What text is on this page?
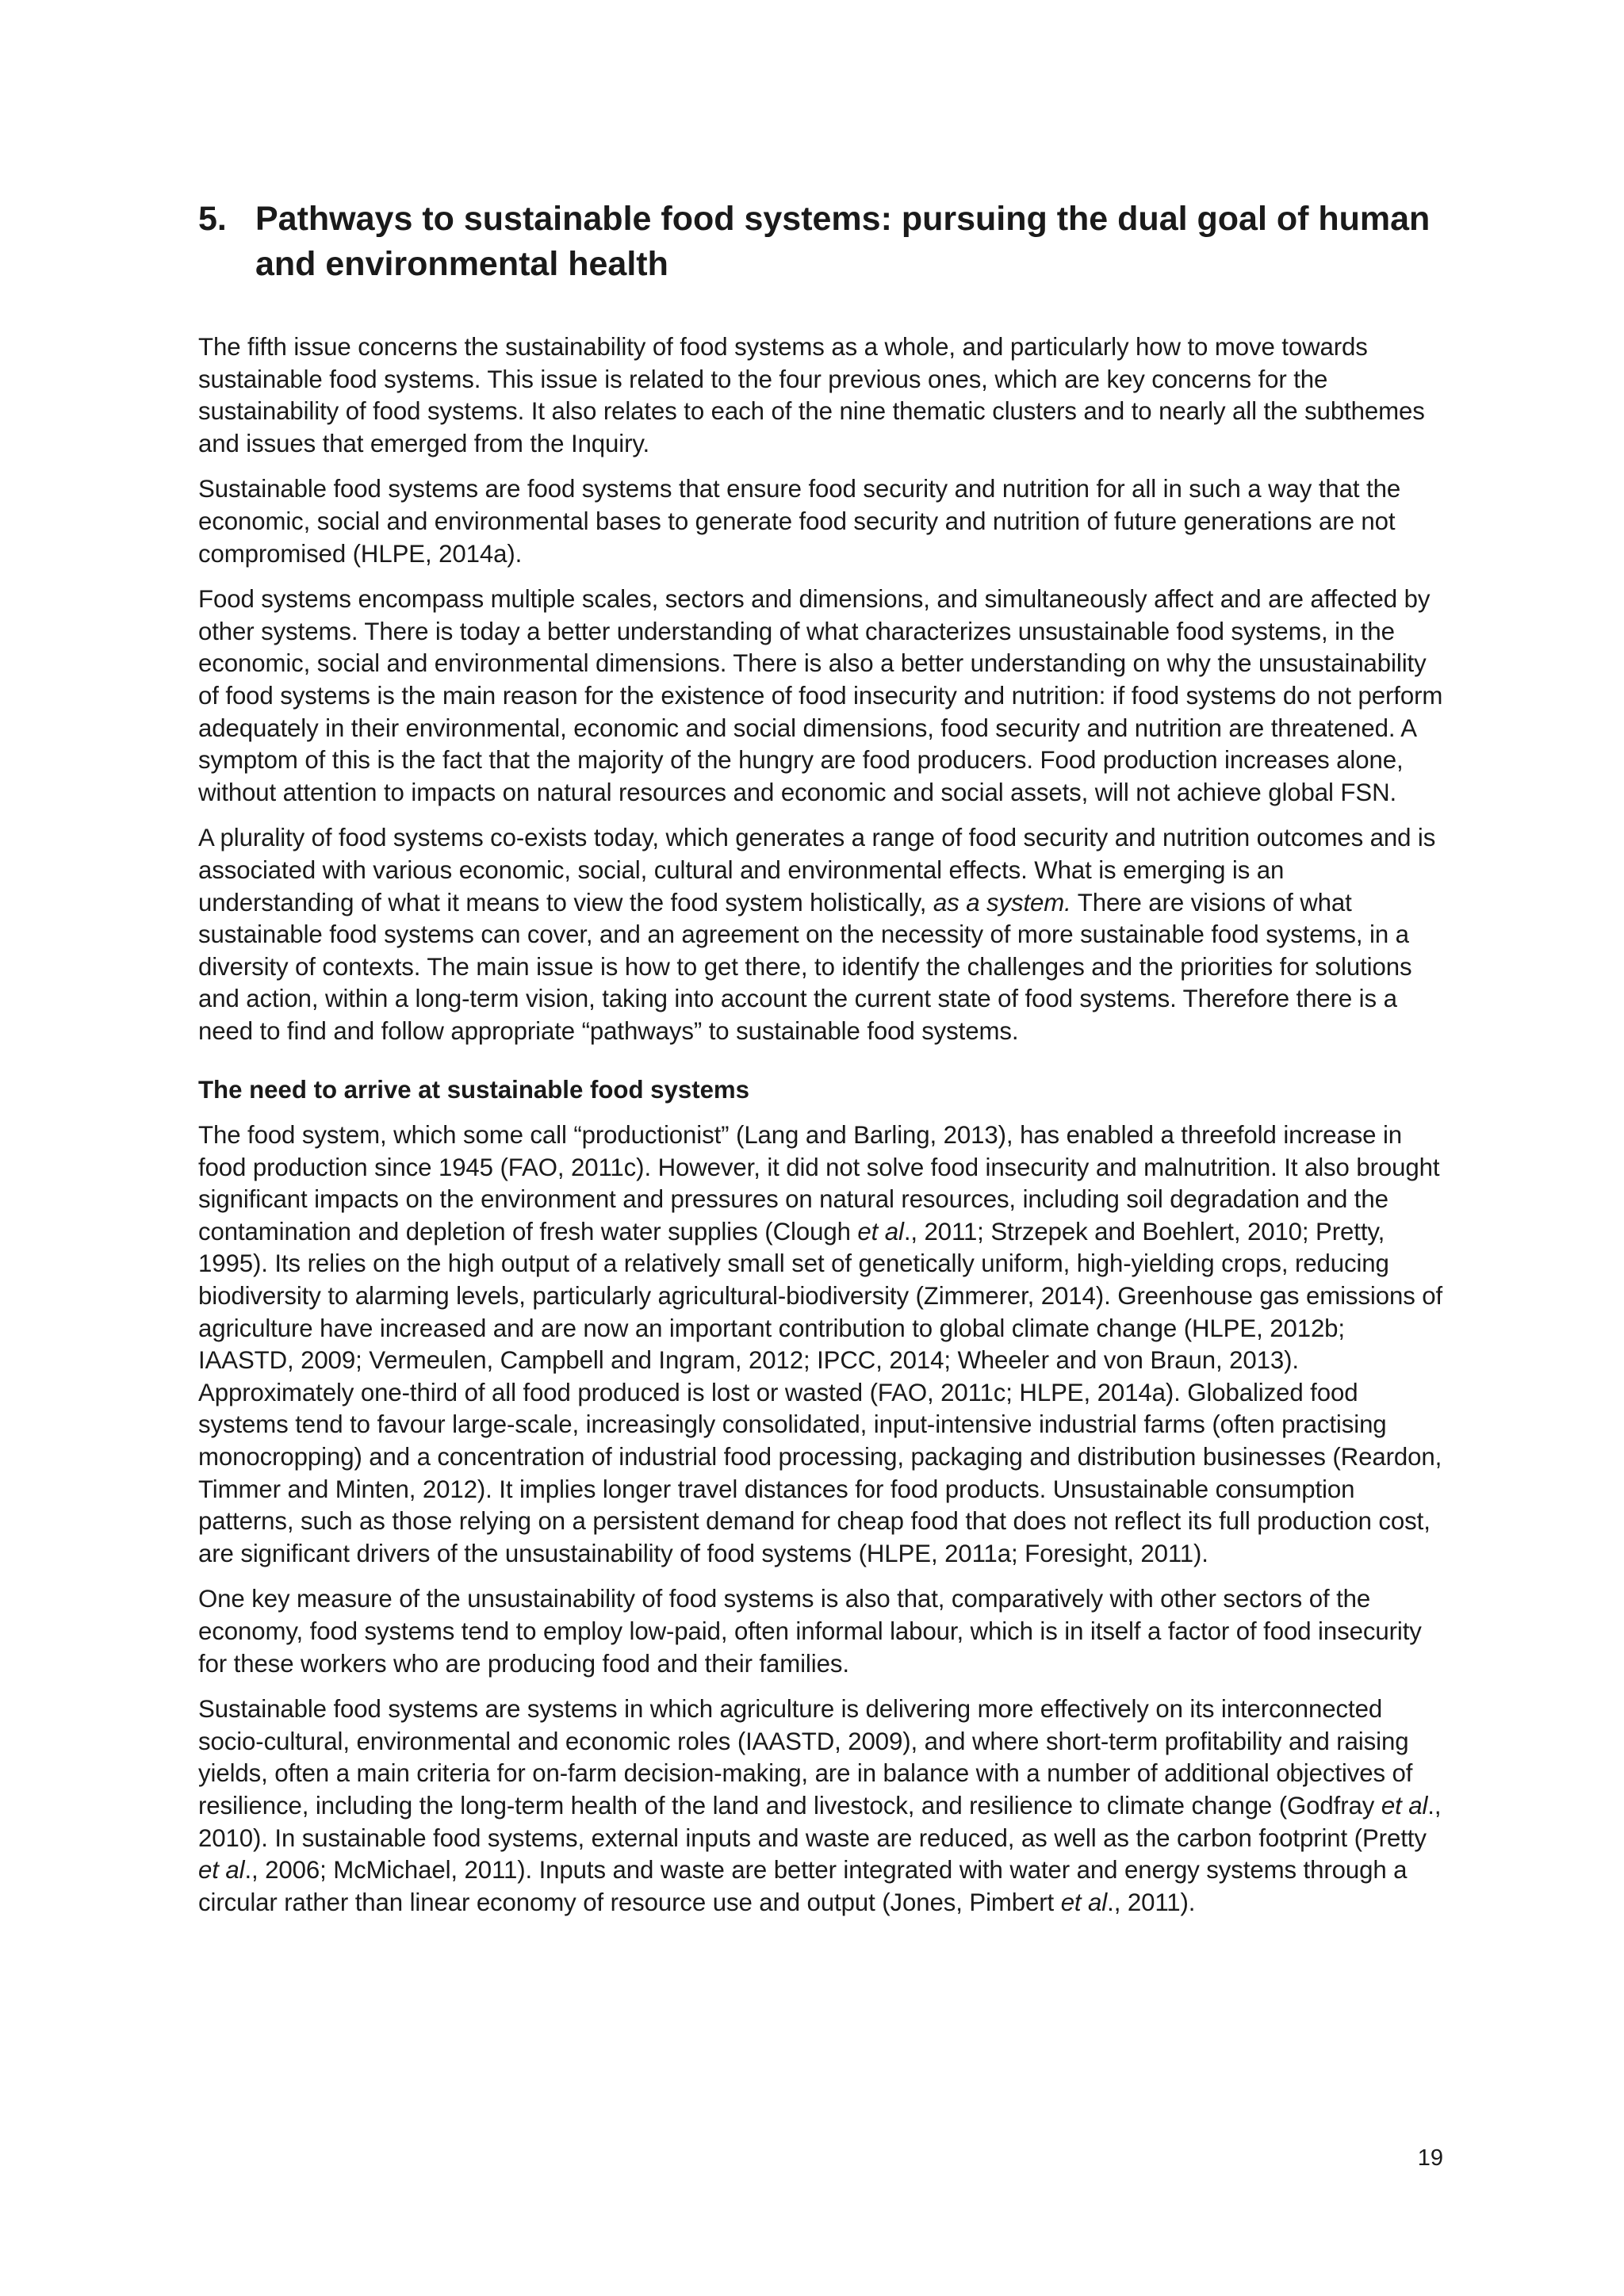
5. Pathways to sustainable food systems: pursuing the dual goal of human and environmental health

The fifth issue concerns the sustainability of food systems as a whole, and particularly how to move towards sustainable food systems. This issue is related to the four previous ones, which are key concerns for the sustainability of food systems. It also relates to each of the nine thematic clusters and to nearly all the subthemes and issues that emerged from the Inquiry.

Sustainable food systems are food systems that ensure food security and nutrition for all in such a way that the economic, social and environmental bases to generate food security and nutrition of future generations are not compromised (HLPE, 2014a).

Food systems encompass multiple scales, sectors and dimensions, and simultaneously affect and are affected by other systems. There is today a better understanding of what characterizes unsustainable food systems, in the economic, social and environmental dimensions. There is also a better understanding on why the unsustainability of food systems is the main reason for the existence of food insecurity and nutrition: if food systems do not perform adequately in their environmental, economic and social dimensions, food security and nutrition are threatened. A symptom of this is the fact that the majority of the hungry are food producers. Food production increases alone, without attention to impacts on natural resources and economic and social assets, will not achieve global FSN.

A plurality of food systems co-exists today, which generates a range of food security and nutrition outcomes and is associated with various economic, social, cultural and environmental effects. What is emerging is an understanding of what it means to view the food system holistically, as a system. There are visions of what sustainable food systems can cover, and an agreement on the necessity of more sustainable food systems, in a diversity of contexts. The main issue is how to get there, to identify the challenges and the priorities for solutions and action, within a long-term vision, taking into account the current state of food systems. Therefore there is a need to find and follow appropriate “pathways” to sustainable food systems.

The need to arrive at sustainable food systems

The food system, which some call “productionist” (Lang and Barling, 2013), has enabled a threefold increase in food production since 1945 (FAO, 2011c). However, it did not solve food insecurity and malnutrition. It also brought significant impacts on the environment and pressures on natural resources, including soil degradation and the contamination and depletion of fresh water supplies (Clough et al., 2011; Strzepek and Boehlert, 2010; Pretty, 1995). Its relies on the high output of a relatively small set of genetically uniform, high-yielding crops, reducing biodiversity to alarming levels, particularly agricultural-biodiversity (Zimmerer, 2014). Greenhouse gas emissions of agriculture have increased and are now an important contribution to global climate change (HLPE, 2012b; IAASTD, 2009; Vermeulen, Campbell and Ingram, 2012; IPCC, 2014; Wheeler and von Braun, 2013). Approximately one-third of all food produced is lost or wasted (FAO, 2011c; HLPE, 2014a). Globalized food systems tend to favour large-scale, increasingly consolidated, input-intensive industrial farms (often practising monocropping) and a concentration of industrial food processing, packaging and distribution businesses (Reardon, Timmer and Minten, 2012). It implies longer travel distances for food products. Unsustainable consumption patterns, such as those relying on a persistent demand for cheap food that does not reflect its full production cost, are significant drivers of the unsustainability of food systems (HLPE, 2011a; Foresight, 2011).

One key measure of the unsustainability of food systems is also that, comparatively with other sectors of the economy, food systems tend to employ low-paid, often informal labour, which is in itself a factor of food insecurity for these workers who are producing food and their families.

Sustainable food systems are systems in which agriculture is delivering more effectively on its interconnected socio-cultural, environmental and economic roles (IAASTD, 2009), and where short-term profitability and raising yields, often a main criteria for on-farm decision-making, are in balance with a number of additional objectives of resilience, including the long-term health of the land and livestock, and resilience to climate change (Godfray et al., 2010). In sustainable food systems, external inputs and waste are reduced, as well as the carbon footprint (Pretty et al., 2006; McMichael, 2011). Inputs and waste are better integrated with water and energy systems through a circular rather than linear economy of resource use and output (Jones, Pimbert et al., 2011).

19
